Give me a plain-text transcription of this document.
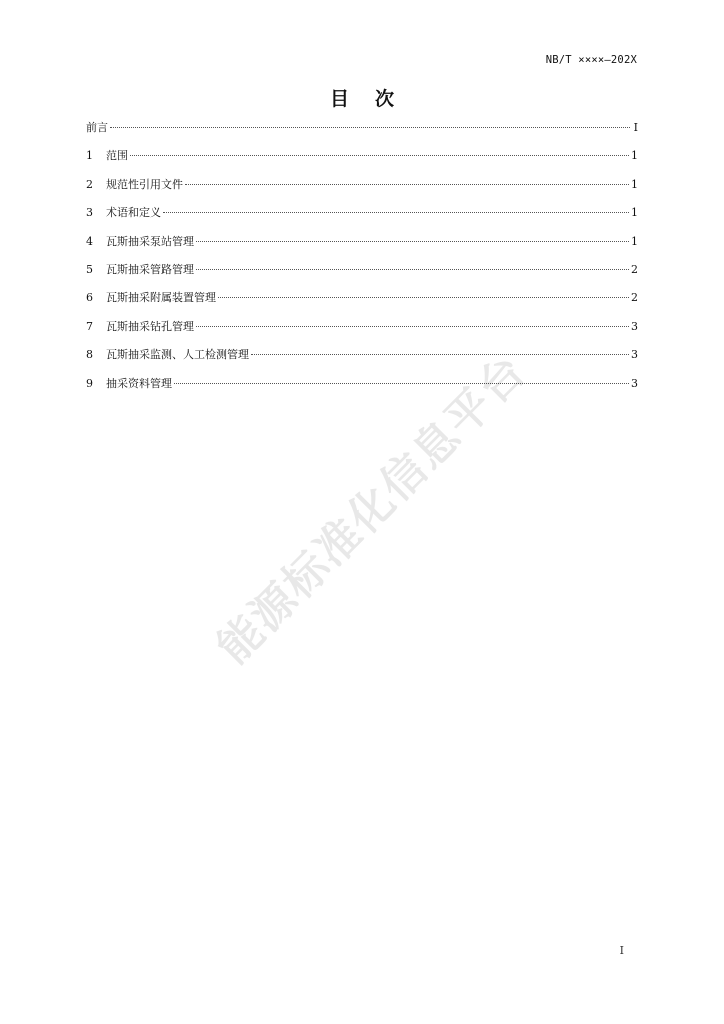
NB/T ××××—202X
目次
前言	I
1	范围	1
2	规范性引用文件	1
3	术语和定义	1
4	瓦斯抽采泵站管理	1
5	瓦斯抽采管路管理	2
6	瓦斯抽采附属装置管理	2
7	瓦斯抽采钻孔管理	3
8	瓦斯抽采监测、人工检测管理	3
9	抽采资料管理	3
能源标准化信息平台
I
